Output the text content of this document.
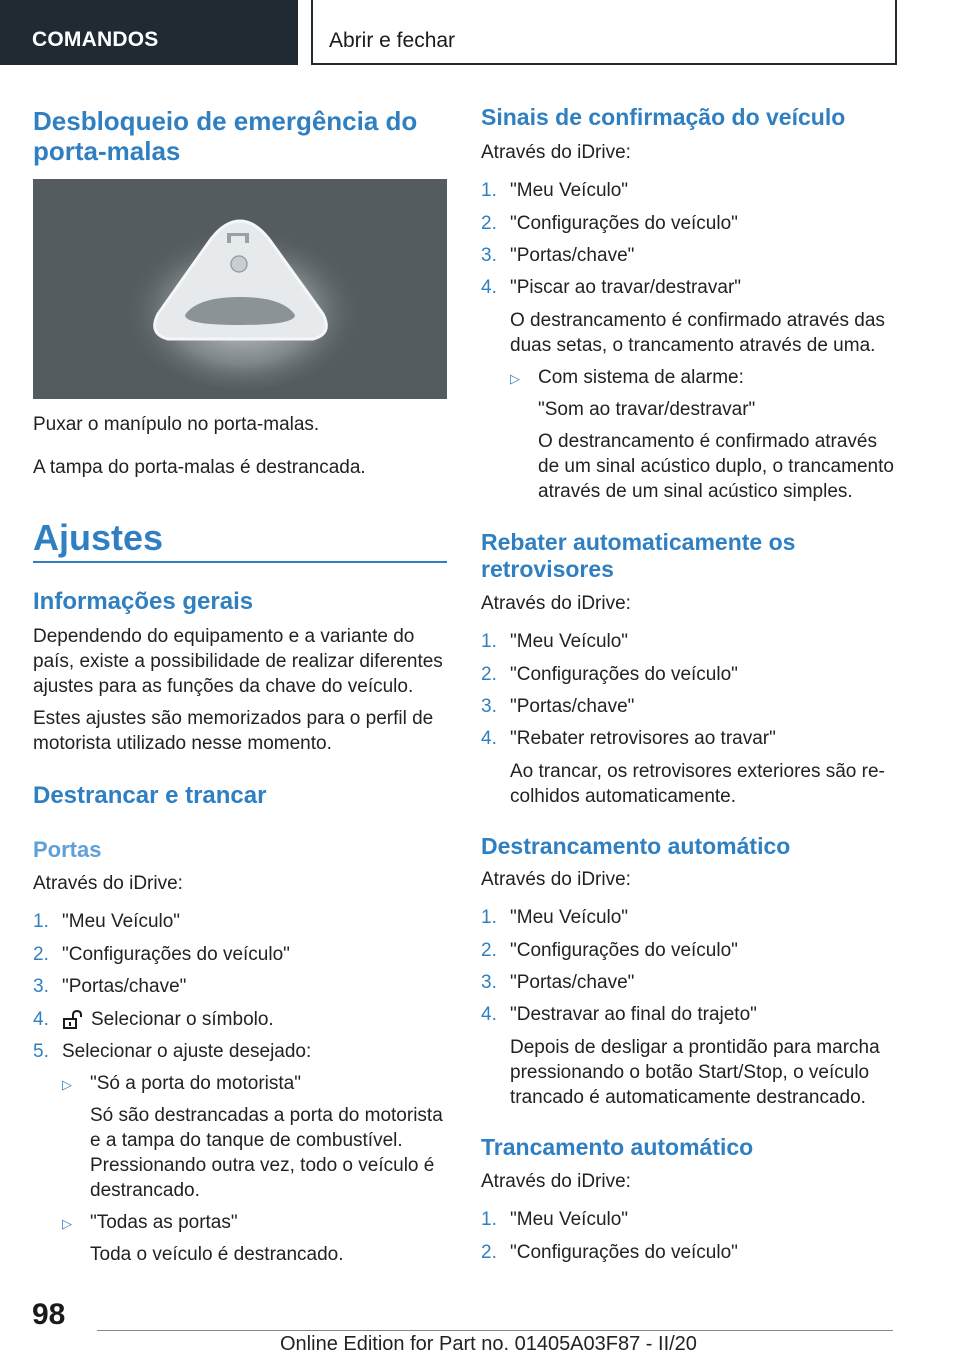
COMANDOS	Abrir e fechar
Desbloqueio de emergência do
porta-malas

Puxar o manípulo no porta-malas.

A tampa do porta-malas é destrancada.

Ajustes
Informações gerais

Dependendo do equipamento e a variante do
país, existe a possibilidade de realizar diferentes
ajustes para as funções da chave do veículo.

Estes ajustes são memorizados para o perfil de
motorista utilizado nesse momento.

Destrancar e trancar
Portas

Através do iDrive:

1. "Meu Veículo"
2. "Configurações do veículo"
3. "Portas/chave"
4. Selecionar o símbolo.
5. Selecionar o ajuste desejado:
▷ "Só a porta do motorista"

Só são destrancadas a porta do motorista
e a tampa do tanque de combustível.
Pressionando outra vez, todo o veículo é
destrancado.

▷ "Todas as portas"

Toda o veículo é destrancado.

Sinais de confirmação do veículo

Através do iDrive:

1. "Meu Veículo"
2. "Configurações do veículo"
3. "Portas/chave"
4. "Piscar ao travar/destravar"

O destrancamento é confirmado através das
duas setas, o trancamento através de uma.

▷ Com sistema de alarme:

"Som ao travar/destravar"

O destrancamento é confirmado através
de um sinal acústico duplo, o trancamento
através de um sinal acústico simples.

Rebater automaticamente os
retrovisores

Através do iDrive:

1. "Meu Veículo"
2. "Configurações do veículo"
3. "Portas/chave"
4. "Rebater retrovisores ao travar"

Ao trancar, os retrovisores exteriores são re-
colhidos automaticamente.

Destrancamento automático

Através do iDrive:

1. "Meu Veículo"
2. "Configurações do veículo"
3. "Portas/chave"
4. "Destravar ao final do trajeto"

Depois de desligar a prontidão para marcha
pressionando o botão Start/Stop, o veículo
trancado é automaticamente destrancado.

Trancamento automático

Através do iDrive:

1. "Meu Veículo"
2. "Configurações do veículo"
98
Online Edition for Part no. 01405A03F87 - II/20
